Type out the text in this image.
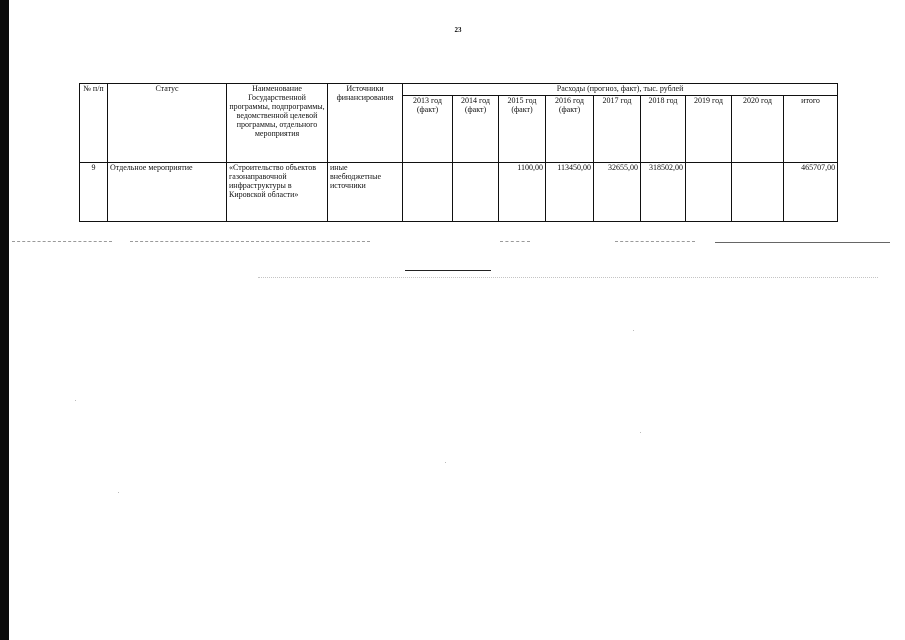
23
№ п/п	Статус	Наименование Государственной программы, подпрограммы, ведомственной целевой программы, отдельного мероприятия	Источники финансирования	Расходы (прогноз, факт), тыс. рублей								
				2013 год (факт)	2014 год (факт)	2015 год (факт)	2016 год (факт)	2017 год	2018 год	2019 год	2020 год	итого
9	Отдельное мероприятие	«Строительство объектов газонаправочной инфраструктуры в Кировской области»	иные внебюджетные источники			1100,00	113450,00	32655,00	318502,00			465707,00
